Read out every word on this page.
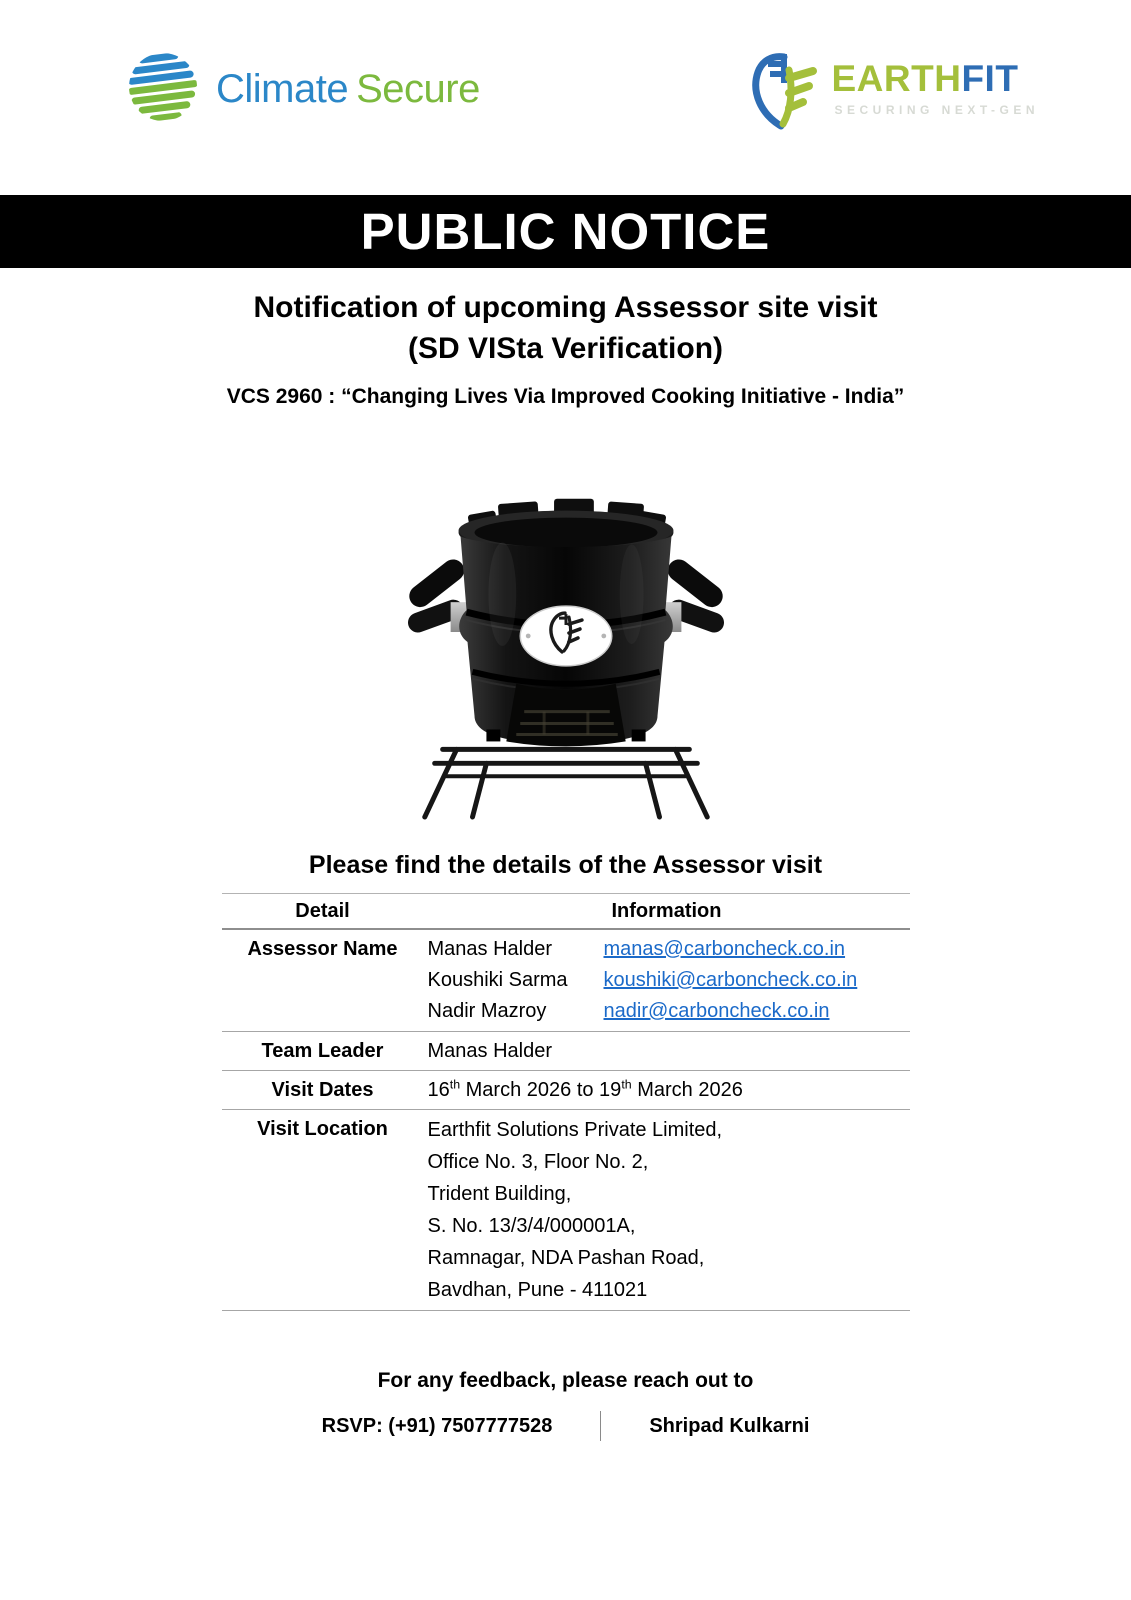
Climate Secure	EARTHFIT
SECURING NEXT-GEN
PUBLIC NOTICE
Notification of upcoming Assessor site visit
(SD VISta Verification)
VCS 2960 : “Changing Lives Via Improved Cooking Initiative - India”
Please find the details of the Assessor visit
Detail	Information
Assessor Name	Manas Halder	manas@carboncheck.co.in
Koushiki Sarma	koushiki@carboncheck.co.in
Nadir Mazroy	nadir@carboncheck.co.in
Team Leader	Manas Halder
Visit Dates	16th March 2026 to 19th March 2026
Visit Location	Earthfit Solutions Private Limited,
Office No. 3, Floor No. 2,
Trident Building,
S. No. 13/3/4/000001A,
Ramnagar, NDA Pashan Road,
Bavdhan, Pune - 411021
For any feedback, please reach out to
RSVP: (+91) 7507777528	Shripad Kulkarni
